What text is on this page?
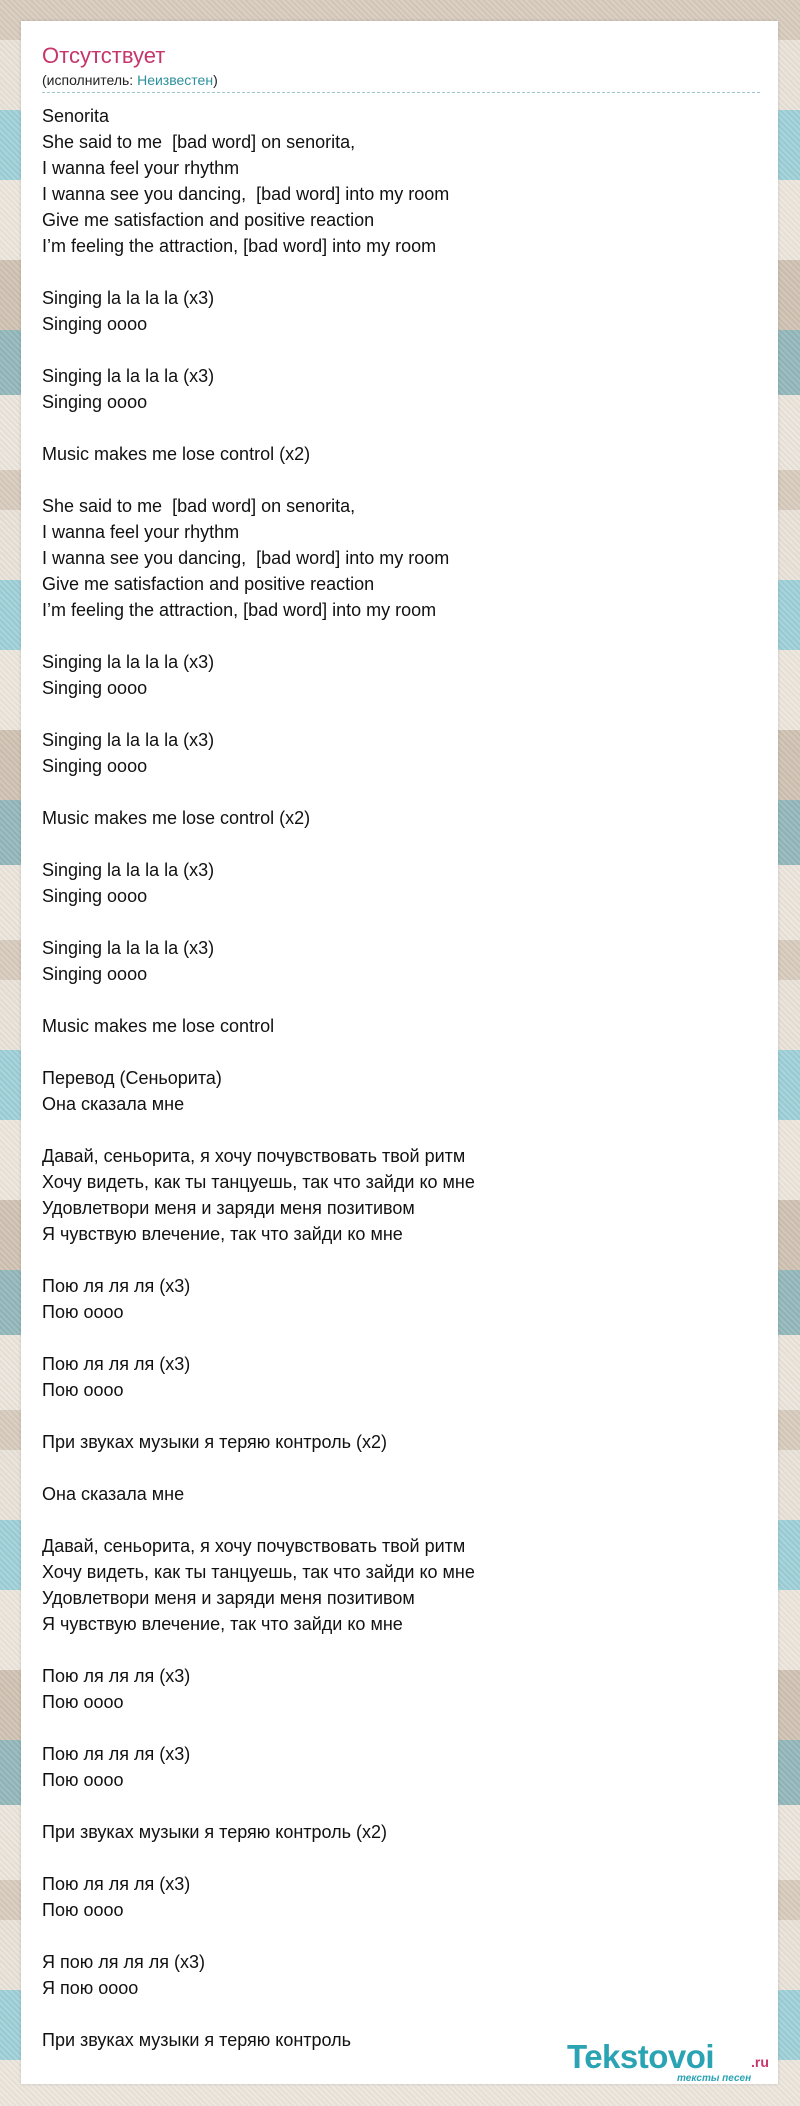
Отсутствует
(исполнитель: Неизвестен)
Senorita
She said to me  [bad word] on senorita,
I wanna feel your rhythm
I wanna see you dancing,  [bad word] into my room
Give me satisfaction and positive reaction
I’m feeling the attraction, [bad word] into my room
Singing la la la la (x3)
Singing oooo
Singing la la la la (x3)
Singing oooo
Music makes me lose control (x2)
She said to me  [bad word] on senorita,
I wanna feel your rhythm
I wanna see you dancing,  [bad word] into my room
Give me satisfaction and positive reaction
I’m feeling the attraction, [bad word] into my room
Singing la la la la (x3)
Singing oooo
Singing la la la la (x3)
Singing oooo
Music makes me lose control (x2)
Singing la la la la (x3)
Singing oooo
Singing la la la la (x3)
Singing oooo
Music makes me lose control
Перевод (Сеньорита)
Она сказала мне
Давай, сеньорита, я хочу почувствовать твой ритм
Хочу видеть, как ты танцуешь, так что зайди ко мне
Удовлетвори меня и заряди меня позитивом
Я чувствую влечение, так что зайди ко мне
Пою ля ля ля (x3)
Пою оооо
Пою ля ля ля (x3)
Пою оооо
При звуках музыки я теряю контроль (x2)
Она сказала мне
Давай, сеньорита, я хочу почувствовать твой ритм
Хочу видеть, как ты танцуешь, так что зайди ко мне
Удовлетвори меня и заряди меня позитивом
Я чувствую влечение, так что зайди ко мне
Пою ля ля ля (x3)
Пою оооо
Пою ля ля ля (x3)
Пою оооо
При звуках музыки я теряю контроль (x2)
Пою ля ля ля (x3)
Пою оооо
Я пою ля ля ля (x3)
Я пою оооо
При звуках музыки я теряю контроль	Tekstovoi	.ru
тексты песен
